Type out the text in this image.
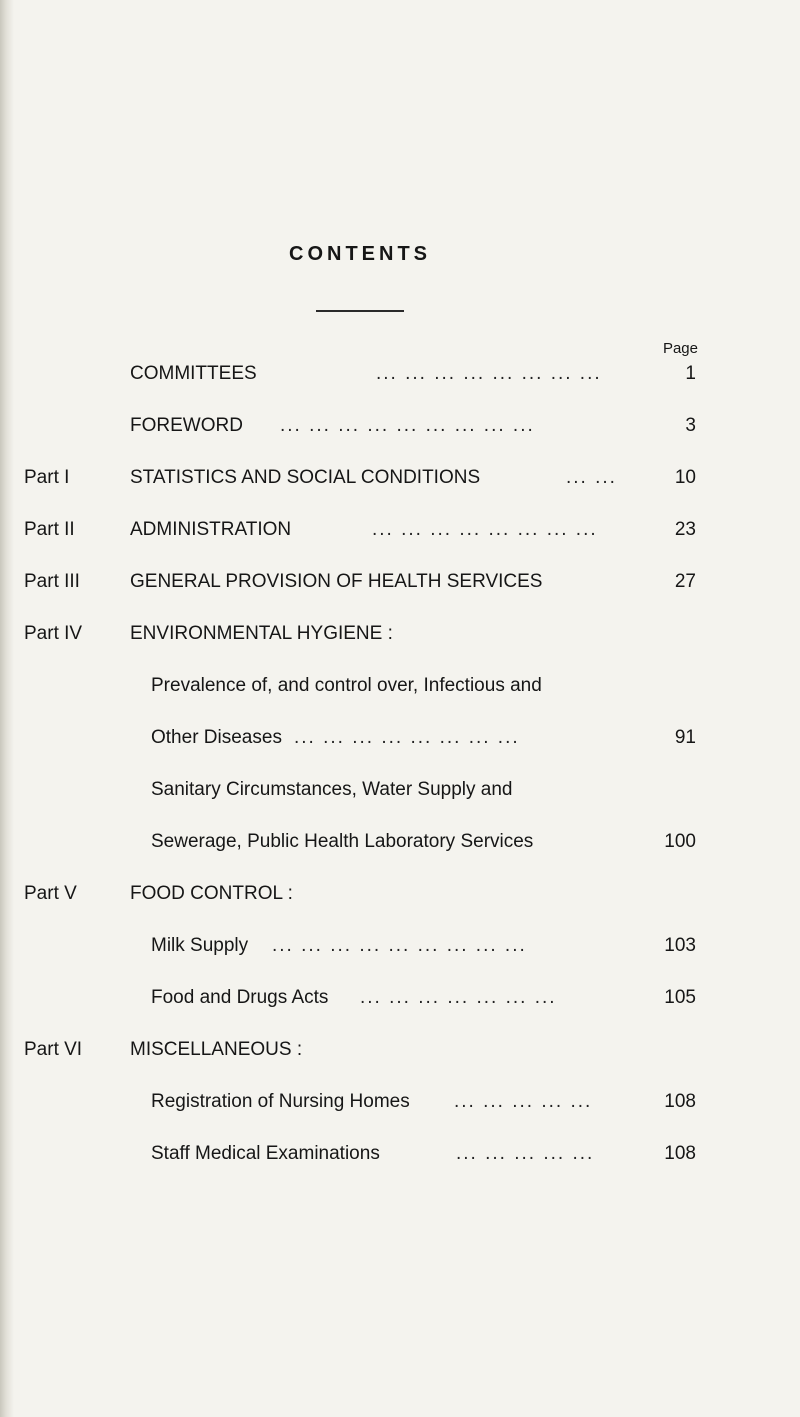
CONTENTS
Page
COMMITTEES	... ... ... ... ... ... ... ...	1
FOREWORD ... ... ... ... ... ... ... ... ...	3
Part I	STATISTICS AND SOCIAL CONDITIONS	... ...	10
Part II	ADMINISTRATION	... ... ... ... ... ... ... ...	23
Part III	GENERAL PROVISION OF HEALTH SERVICES	27
Part IV	ENVIRONMENTAL HYGIENE :
Prevalence of, and control over, Infectious and
Other Diseases ... ... ... ... ... ... ... ...	91
Sanitary Circumstances, Water Supply and
Sewerage, Public Health Laboratory Services	100
Part V	FOOD CONTROL :
Milk Supply ... ... ... ... ... ... ... ... ...	103
Food and Drugs Acts ... ... ... ... ... ... ...	105
Part VI	MISCELLANEOUS :
Registration of Nursing Homes ... ... ... ... ...	108
Staff Medical Examinations	... ... ... ... ...	108
